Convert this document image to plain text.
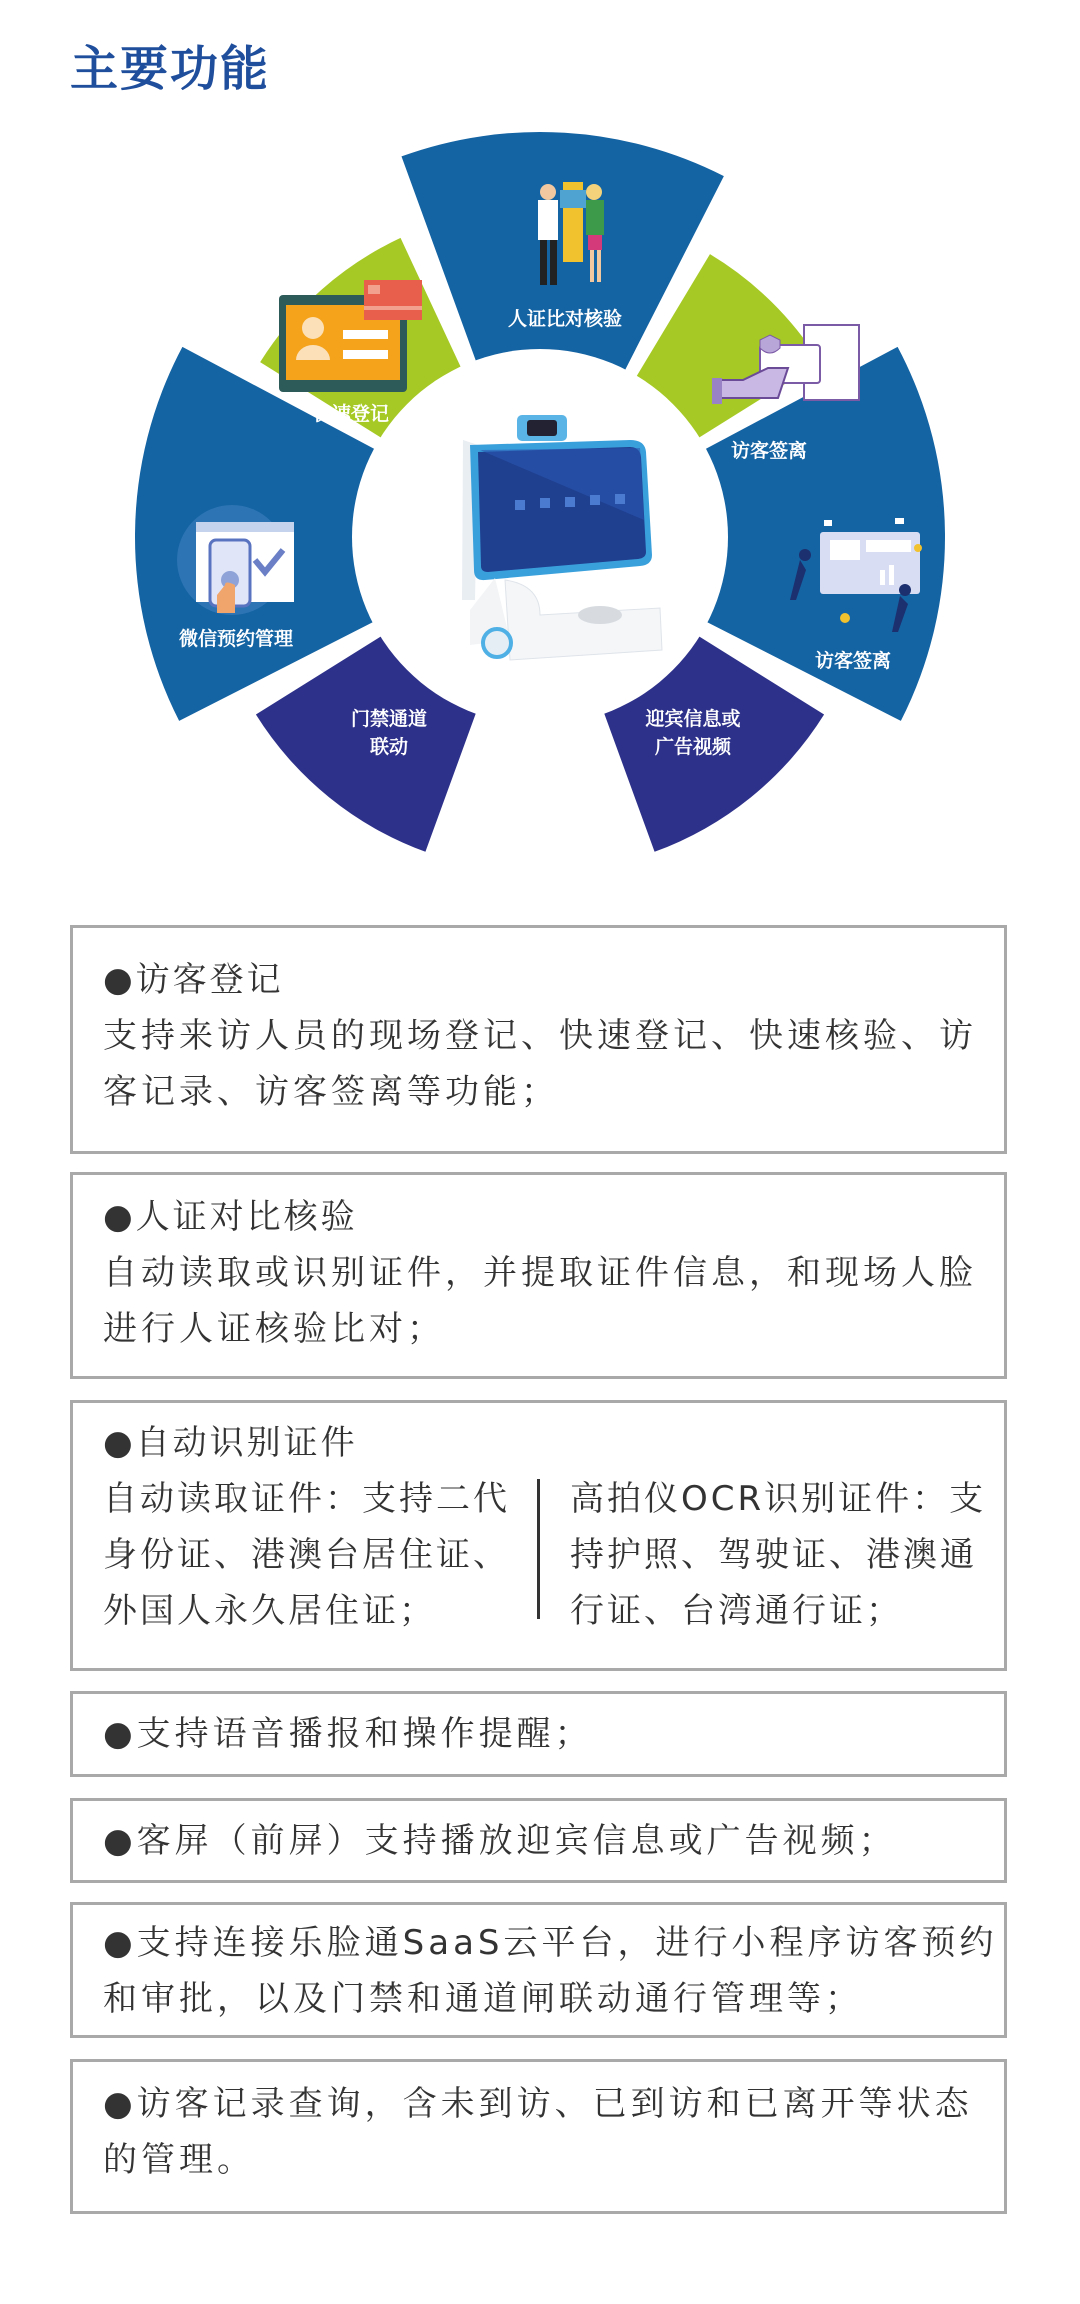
主要功能
人证比对核验
访客签离
访客签离
迎宾信息或
广告视频
门禁通道
联动
微信预约管理
快速登记
●访客登记
支持来访人员的现场登记、快速登记、快速核验、访
客记录、访客签离等功能；
●人证对比核验
自动读取或识别证件，并提取证件信息，和现场人脸
进行人证核验比对；
●自动识别证件
自动读取证件：支持二代
身份证、港澳台居住证、
外国人永久居住证；
高拍仪OCR识别证件：支
持护照、驾驶证、港澳通
行证、台湾通行证；
●支持语音播报和操作提醒；
●客屏（前屏）支持播放迎宾信息或广告视频；
●支持连接乐脸通SaaS云平台，进行小程序访客预约
和审批，以及门禁和通道闸联动通行管理等；
●访客记录查询，含未到访、已到访和已离开等状态
的管理。
